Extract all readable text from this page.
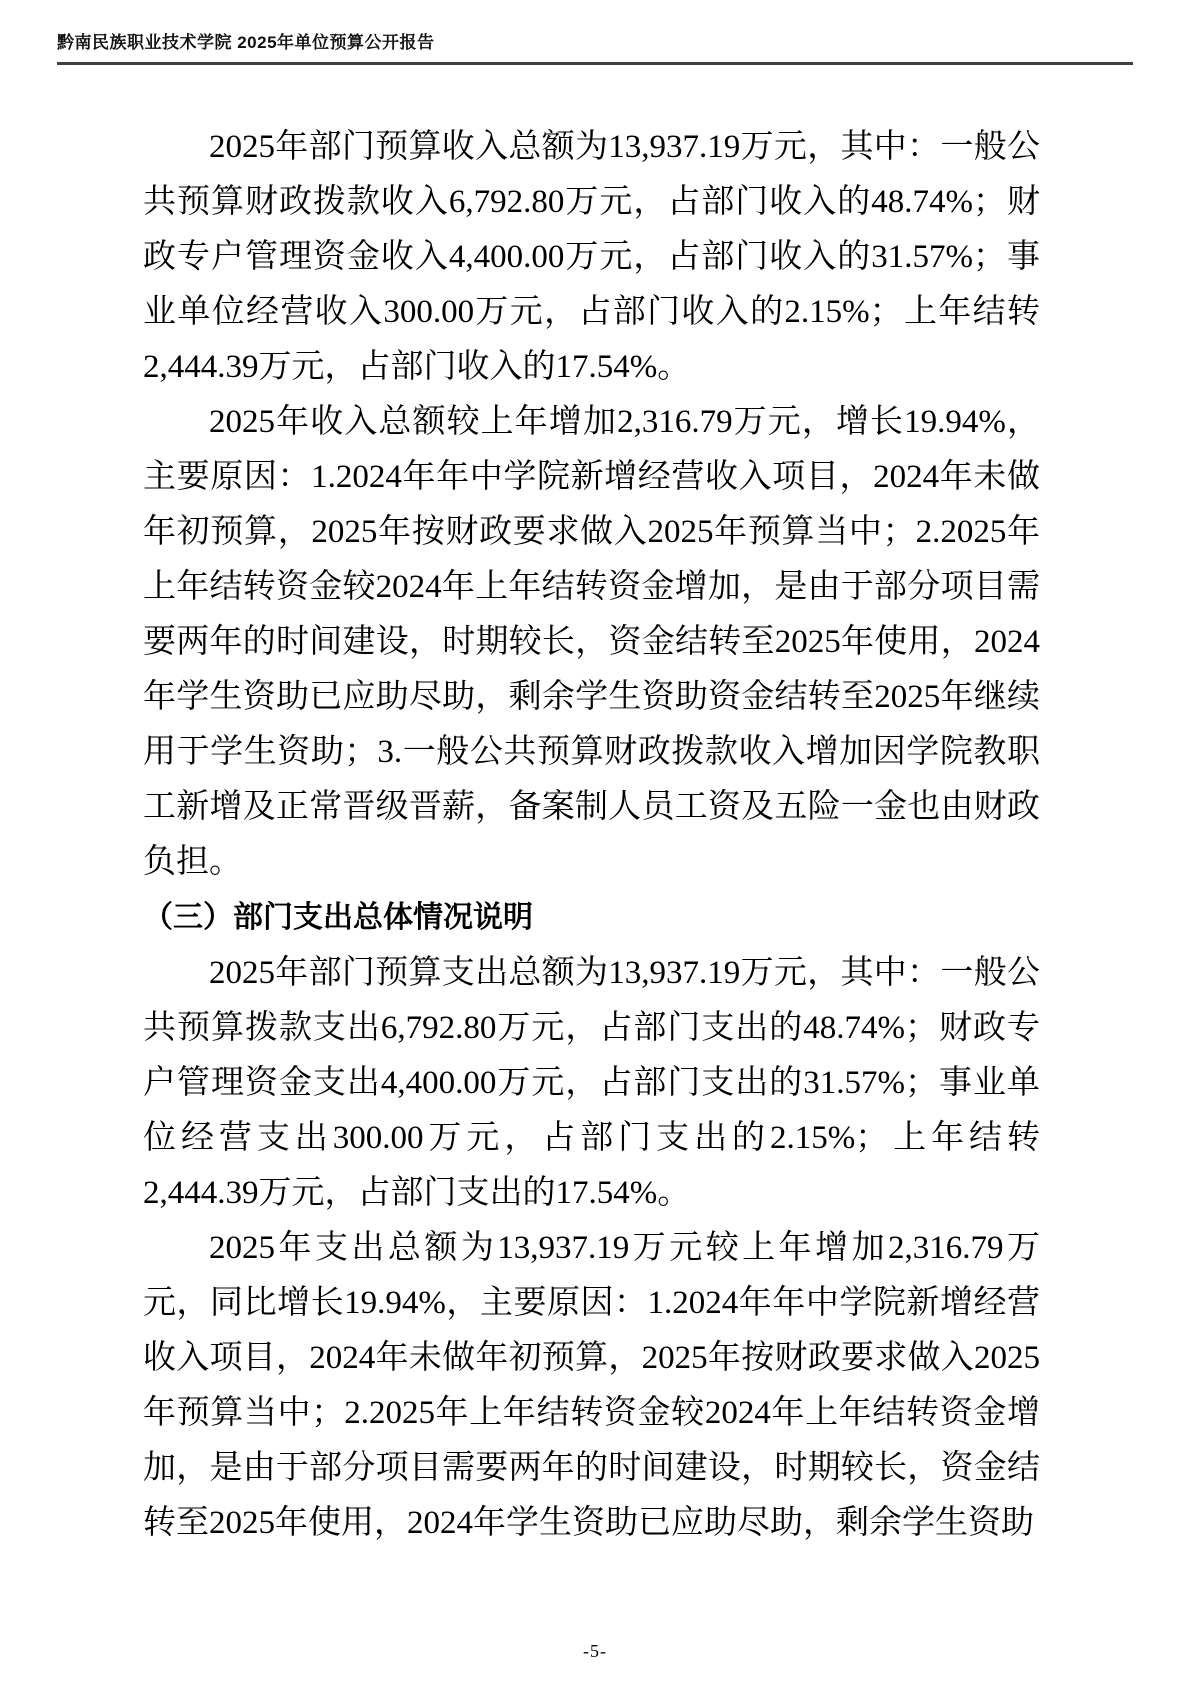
黔南民族职业技术学院 2025年单位预算公开报告

2025年部门预算收入总额为13,937.19万元，其中：一般公共预算财政拨款收入6,792.80万元，占部门收入的48.74%；财政专户管理资金收入4,400.00万元，占部门收入的31.57%；事业单位经营收入300.00万元，占部门收入的2.15%；上年结转2,444.39万元，占部门收入的17.54%。

2025年收入总额较上年增加2,316.79万元，增长19.94%，主要原因：1.2024年年中学院新增经营收入项目，2024年未做年初预算，2025年按财政要求做入2025年预算当中；2.2025年上年结转资金较2024年上年结转资金增加，是由于部分项目需要两年的时间建设，时期较长，资金结转至2025年使用，2024年学生资助已应助尽助，剩余学生资助资金结转至2025年继续用于学生资助；3.一般公共预算财政拨款收入增加因学院教职工新增及正常晋级晋薪，备案制人员工资及五险一金也由财政负担。

（三）部门支出总体情况说明

2025年部门预算支出总额为13,937.19万元，其中：一般公共预算拨款支出6,792.80万元，占部门支出的48.74%；财政专户管理资金支出4,400.00万元，占部门支出的31.57%；事业单位经营支出300.00万元，占部门支出的2.15%；上年结转2,444.39万元，占部门支出的17.54%。

2025年支出总额为13,937.19万元较上年增加2,316.79万元，同比增长19.94%，主要原因：1.2024年年中学院新增经营收入项目，2024年未做年初预算，2025年按财政要求做入2025年预算当中；2.2025年上年结转资金较2024年上年结转资金增加，是由于部分项目需要两年的时间建设，时期较长，资金结转至2025年使用，2024年学生资助已应助尽助，剩余学生资助

-5-
